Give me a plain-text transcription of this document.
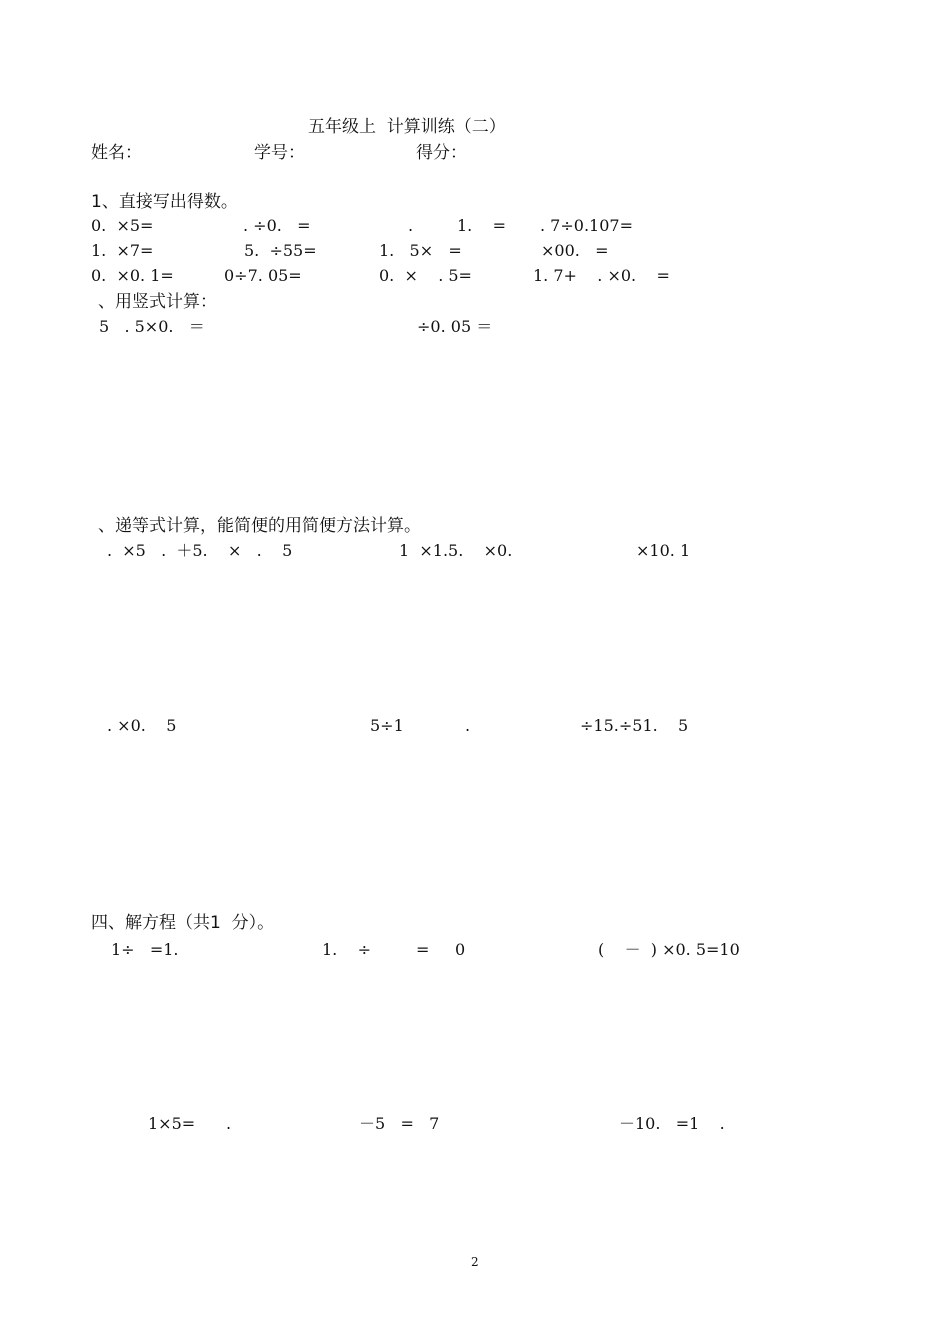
五年级上  计算训练（二）
姓名：	学号：	得分：
1、直接写出得数。
0.  ×5=	. ÷0.   =	.	1.    = . 7÷0.107=
1.  ×7=	5.  ÷55=	1.   5×   =	×00.   =
0.  ×0. 1=	0÷7. 05=	0.  ×    . 5=	1. 7+    . ×0.    =
、用竖式计算：
5   . 5×0.   ＝	÷0. 05 ＝
、递等式计算，能简便的用简便方法计算。
.  ×5   .  ＋5.    ×   .    5	1  ×1.5.    ×0.	×10. 1
. ×0.    5	5÷1	.	÷15.÷51.    5
四、解方程（共1  分）。
1÷   =1.	1.    ÷	= 0	(    －  ) ×0. 5=10
1×5= .	－5   =   7	－10.   =1    .
2
